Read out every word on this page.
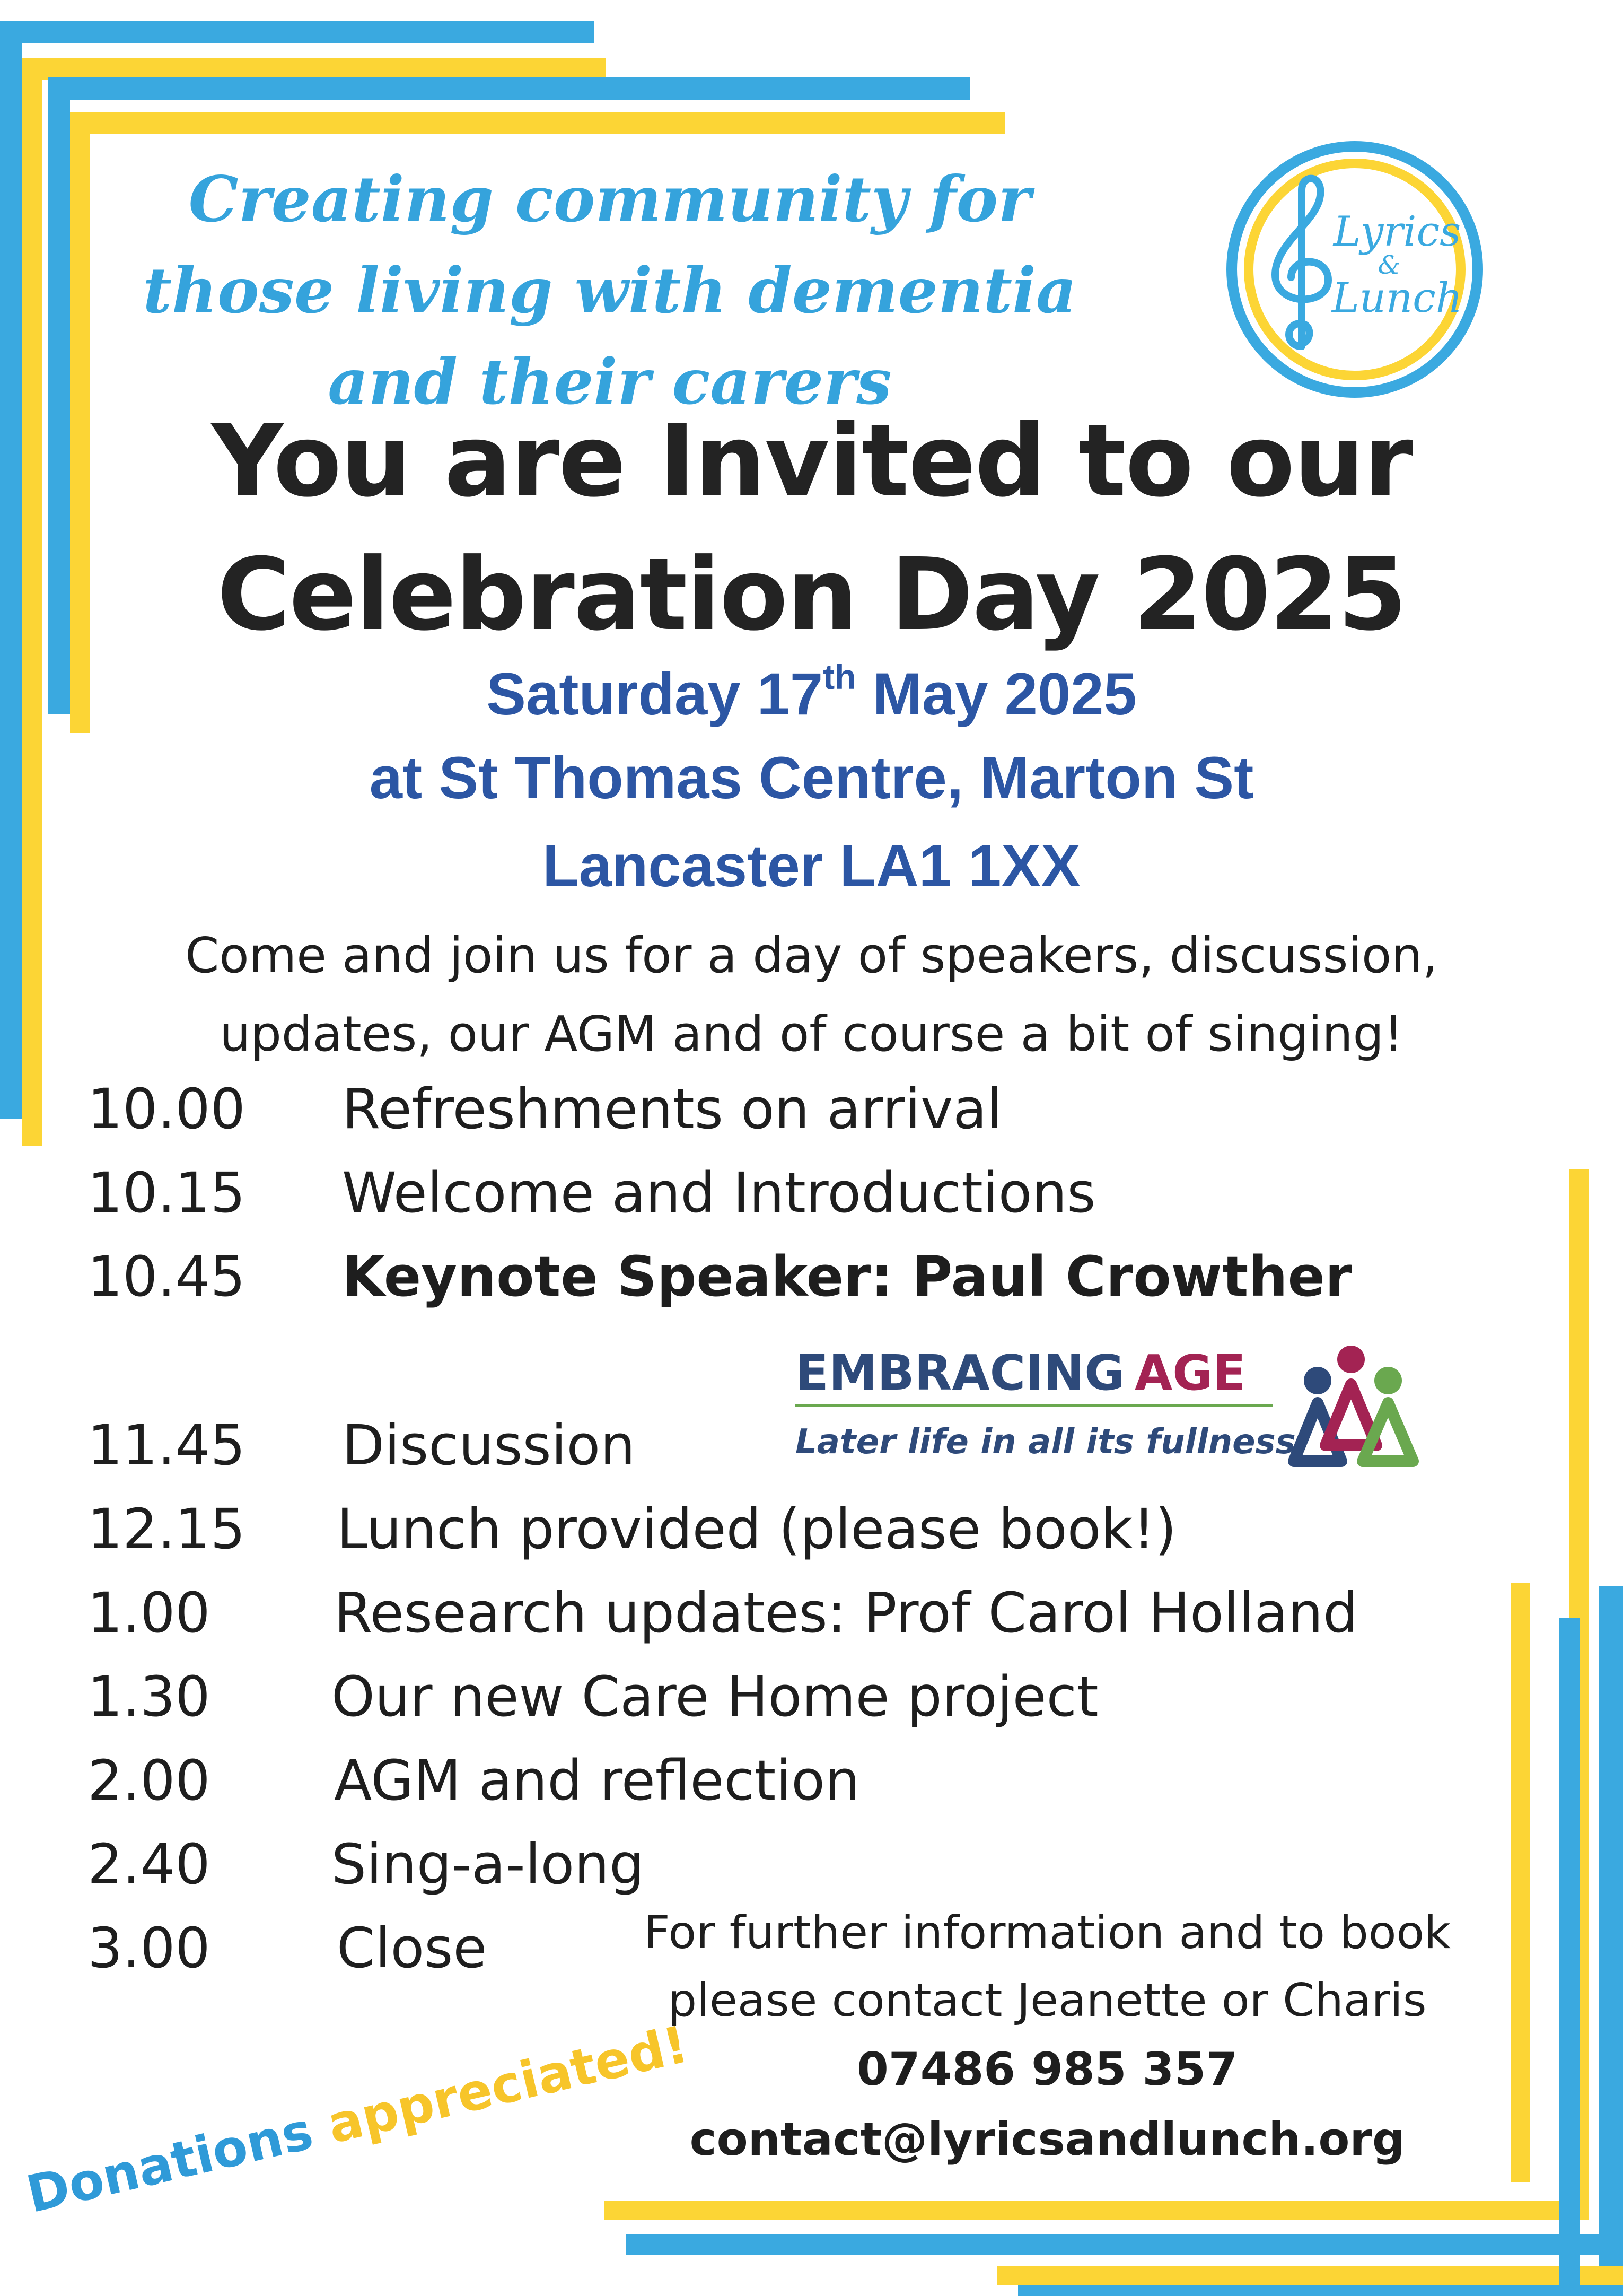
Creating community for
those living with dementia
and their carers
Lyrics
&
Lunch
You are Invited to our
Celebration Day 2025
Saturday 17th May 2025
at St Thomas Centre, Marton St
Lancaster LA1 1XX
Come and join us for a day of speakers, discussion,
updates, our AGM and of course a bit of singing!
10.00 Refreshments on arrival
10.15 Welcome and Introductions
10.45 Keynote Speaker: Paul Crowther
11.45 Discussion
12.15 Lunch provided (please book!)
1.00 Research updates: Prof Carol Holland
1.30 Our new Care Home project
2.00 AGM and reflection
2.40 Sing-a-long
3.00 Close
EMBRACING AGE
Later life in all its fullness
For further information and to book
please contact Jeanette or Charis
07486 985 357
contact@lyricsandlunch.org
Donations appreciated!
